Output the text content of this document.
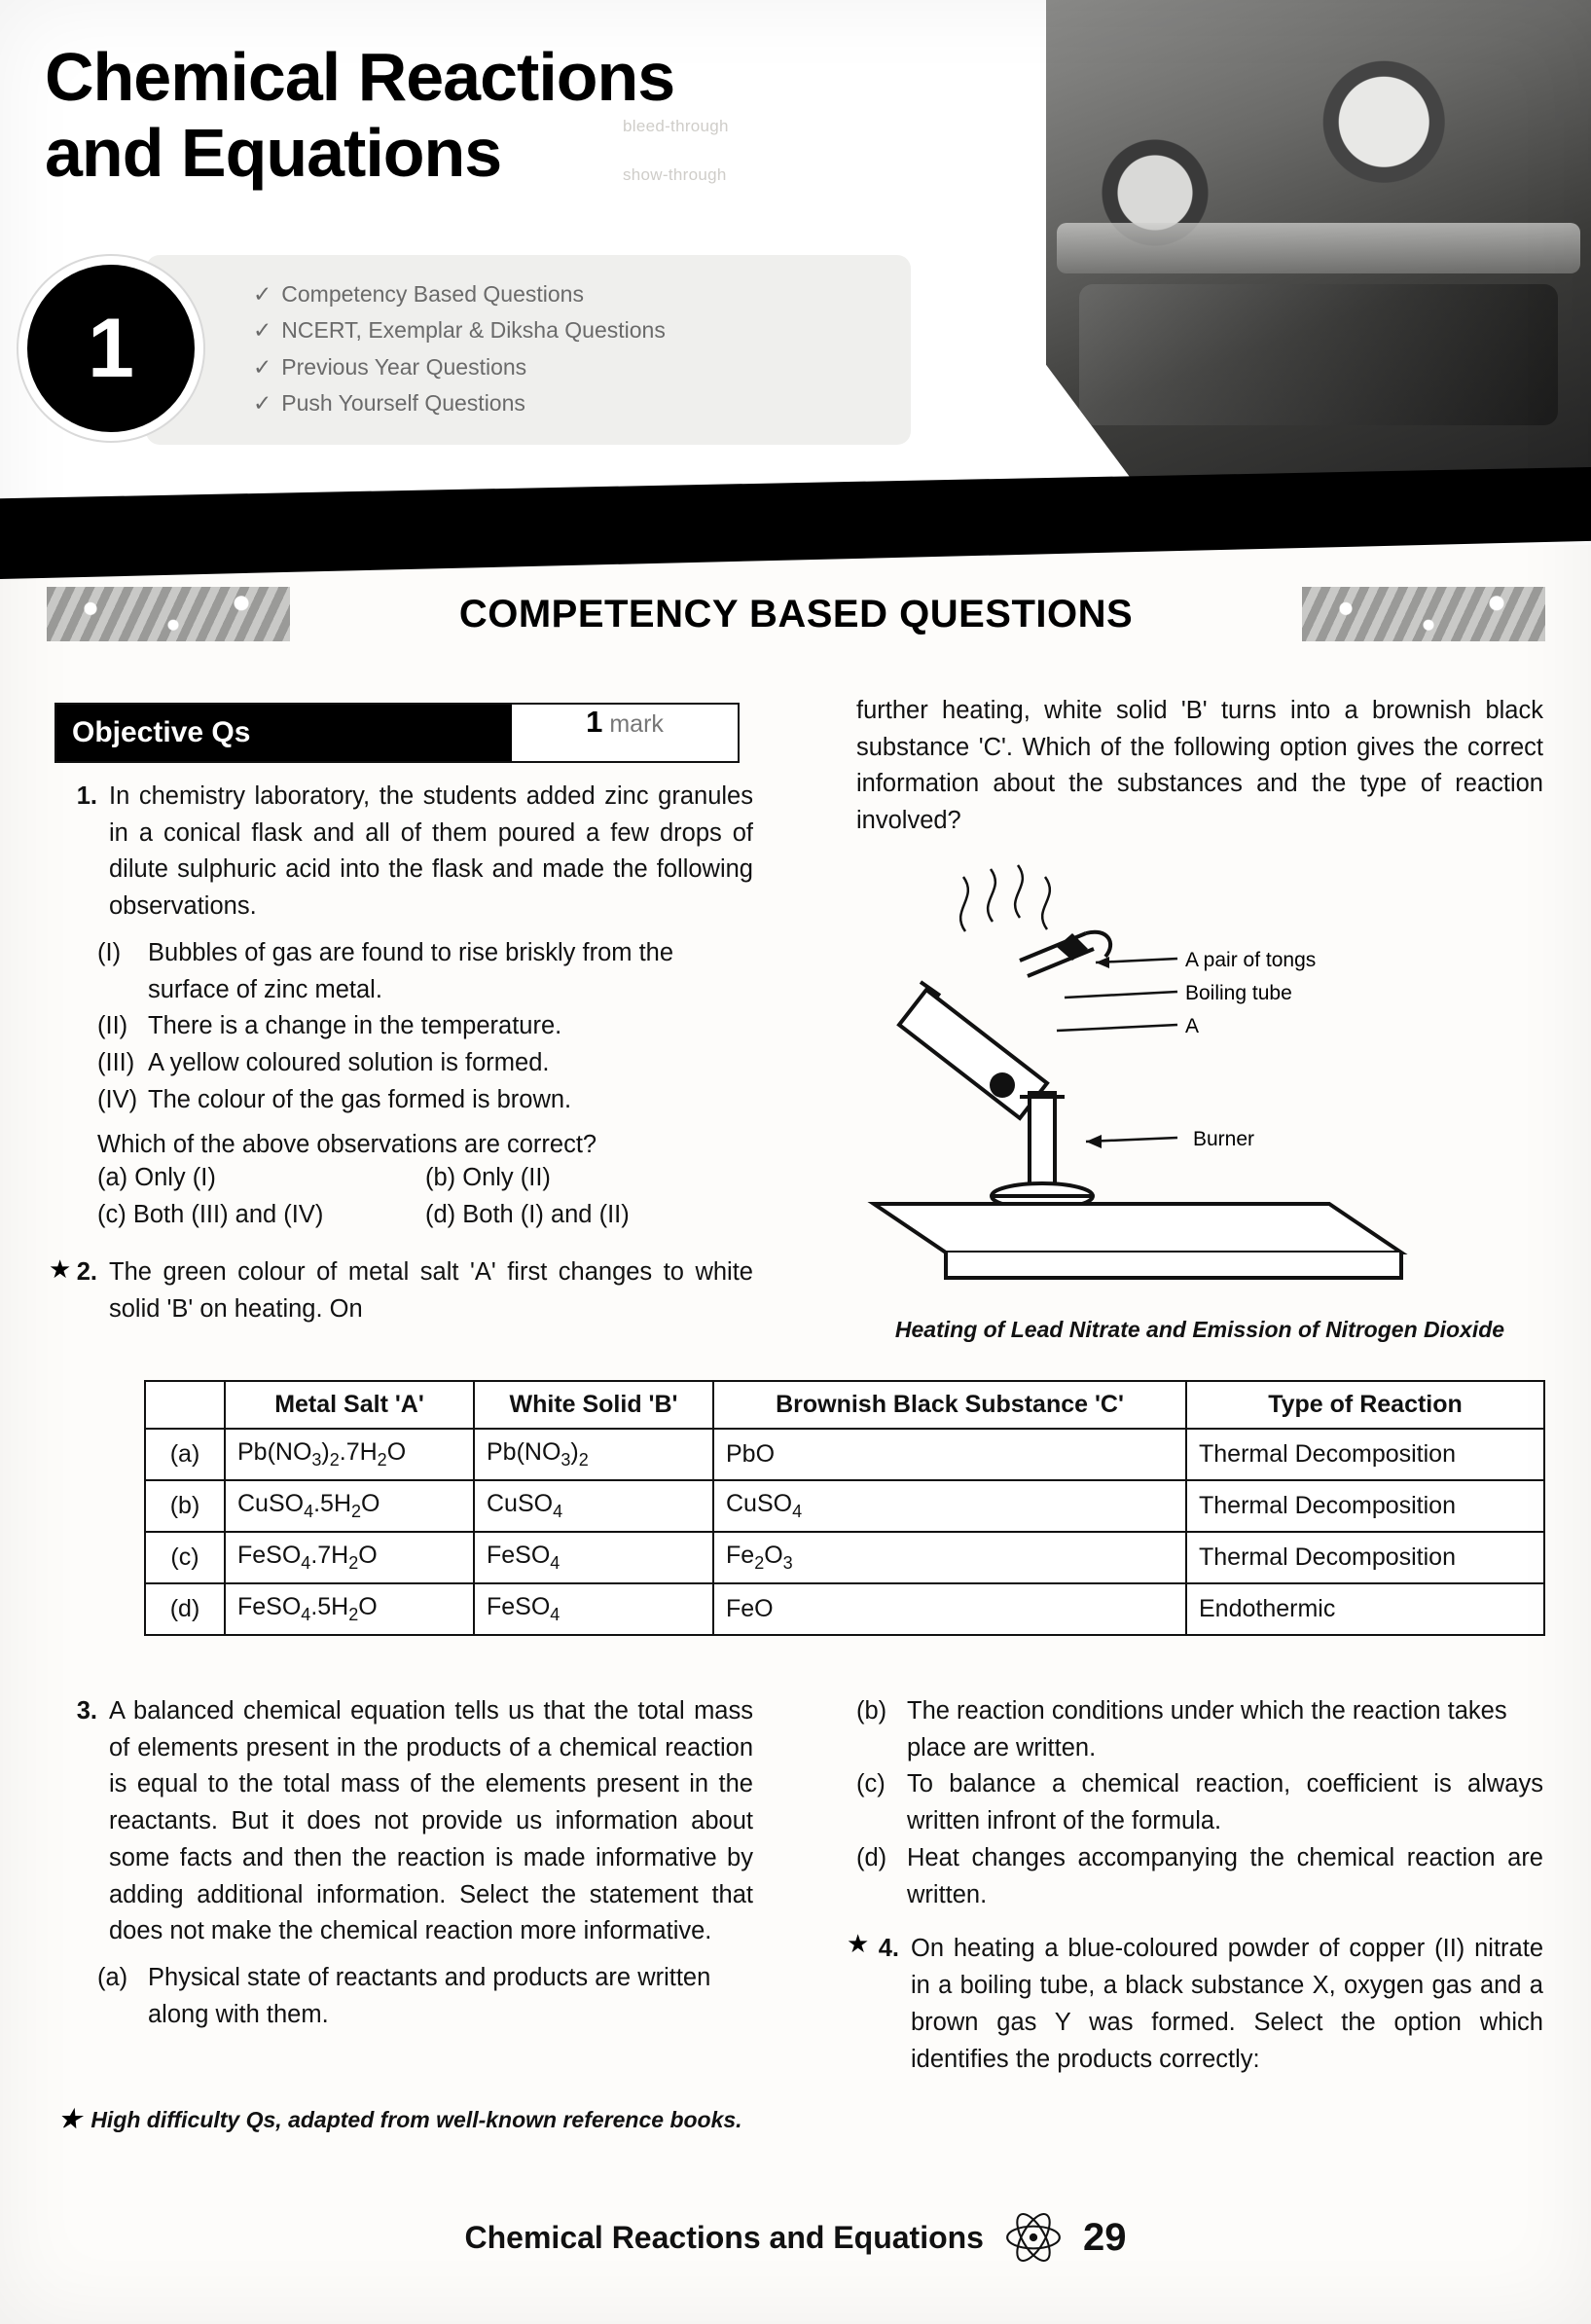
bleed-through
show-through
Chemical Reactions
and Equations
✓ Competency Based Questions
✓ NCERT, Exemplar & Diksha Questions
✓ Previous Year Questions
✓ Push Yourself Questions
1
COMPETENCY BASED QUESTIONS
Objective Qs	1 mark
1. In chemistry laboratory, the students added zinc granules in a conical flask and all of them poured a few drops of dilute sulphuric acid into the flask and made the following observations.
(I)	Bubbles of gas are found to rise briskly from the surface of zinc metal.
(II) There is a change in the temperature.
(III) A yellow coloured solution is formed.
(IV) The colour of the gas formed is brown.
Which of the above observations are correct?
(a) Only (I)	(b) Only (II)
(c) Both (III) and (IV)	(d) Both (I) and (II)
★ 2. The green colour of metal salt 'A' first changes to white solid 'B' on heating. On
further heating, white solid 'B' turns into a brownish black substance 'C'. Which of the following option gives the correct information about the substances and the type of reaction involved?
A pair of tongs
Boiling tube
A
Burner
Heating of Lead Nitrate and Emission of Nitrogen Dioxide
	Metal Salt 'A'	White Solid 'B'	Brownish Black Substance 'C'	Type of Reaction
(a)	$Pb(NO_3)_2.7H_2O$	$Pb(NO_3)_2$	PbO	Thermal Decomposition
(b)	$CuSO_4.5H_2O$	CuSO$_4$	CuSO$_4$	Thermal Decomposition
(c)	$FeSO_4.7H_2O$	FeSO$_4$	$Fe_2O_3$	Thermal Decomposition
(d)	$FeSO_4.5H_2O$	FeSO$_4$	FeO	Endothermic
3. A balanced chemical equation tells us that the total mass of elements present in the products of a chemical reaction is equal to the total mass of the elements present in the reactants. But it does not provide us information about some facts and then the reaction is made informative by adding additional information. Select the statement that does not make the chemical reaction more informative.
(a) Physical state of reactants and products are written along with them.
(b) The reaction conditions under which the reaction takes place are written.
(c) To balance a chemical reaction, coefficient is always written infront of the formula.
(d) Heat changes accompanying the chemical reaction are written.
★ 4. On heating a blue-coloured powder of copper (II) nitrate in a boiling tube, a black substance X, oxygen gas and a brown gas Y was formed. Select the option which identifies the products correctly:
★ High difficulty Qs, adapted from well-known reference books.
Chemical Reactions and Equations	29
